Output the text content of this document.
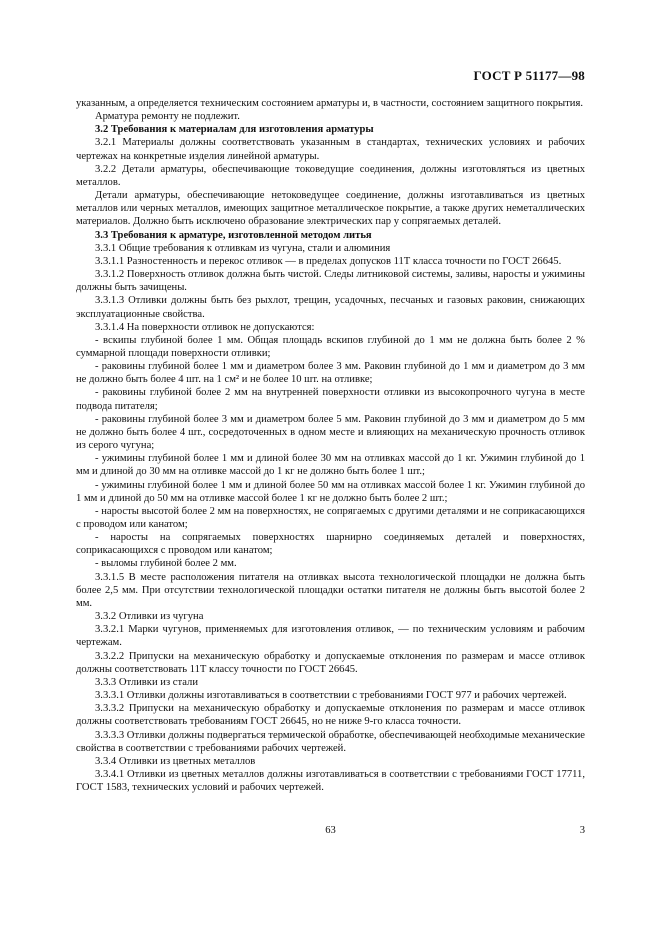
ГОСТ Р 51177—98

указанным, а определяется техническим состоянием арматуры и, в частности, состоянием защитного покрытия.

Арматура ремонту не подлежит.

3.2 Требования к материалам для изготовления арматуры

3.2.1 Материалы должны соответствовать указанным в стандартах, технических условиях и рабочих чертежах на конкретные изделия линейной арматуры.

3.2.2 Детали арматуры, обеспечивающие токоведущие соединения, должны изготовляться из цветных металлов.

Детали арматуры, обеспечивающие нетоковедущее соединение, должны изготавливаться из цветных металлов или черных металлов, имеющих защитное металлическое покрытие, а также других неметаллических материалов. Должно быть исключено образование электрических пар у сопрягаемых деталей.

3.3 Требования к арматуре, изготовленной методом литья

3.3.1 Общие требования к отливкам из чугуна, стали и алюминия

3.3.1.1 Разностенность и перекос отливок — в пределах допусков 11Т класса точности по ГОСТ 26645.

3.3.1.2 Поверхность отливок должна быть чистой. Следы литниковой системы, заливы, наросты и ужимины должны быть зачищены.

3.3.1.3 Отливки должны быть без рыхлот, трещин, усадочных, песчаных и газовых раковин, снижающих эксплуатационные свойства.

3.3.1.4 На поверхности отливок не допускаются:

- вскипы глубиной более 1 мм. Общая площадь вскипов глубиной до 1 мм не должна быть более 2 % суммарной площади поверхности отливки;

- раковины глубиной более 1 мм и диаметром более 3 мм. Раковин глубиной до 1 мм и диаметром до 3 мм не должно быть более 4 шт. на 1 см² и не более 10 шт. на отливке;

- раковины глубиной более 2 мм на внутренней поверхности отливки из высокопрочного чугуна в месте подвода питателя;

- раковины глубиной более 3 мм и диаметром более 5 мм. Раковин глубиной до 3 мм и диаметром до 5 мм не должно быть более 4 шт., сосредоточенных в одном месте и влияющих на механическую прочность отливок из серого чугуна;

- ужимины глубиной более 1 мм и длиной более 30 мм на отливках массой до 1 кг. Ужимин глубиной до 1 мм и длиной до 30 мм на отливке массой до 1 кг не должно быть более 1 шт.;

- ужимины глубиной более 1 мм и длиной более 50 мм на отливках массой более 1 кг. Ужимин глубиной до 1 мм и длиной до 50 мм на отливке массой более 1 кг не должно быть более 2 шт.;

- наросты высотой более 2 мм на поверхностях, не сопрягаемых с другими деталями и не соприкасающихся с проводом или канатом;

- наросты на сопрягаемых поверхностях шарнирно соединяемых деталей и поверхностях, соприкасающихся с проводом или канатом;

- выломы глубиной более 2 мм.

3.3.1.5 В месте расположения питателя на отливках высота технологической площадки не должна быть более 2,5 мм. При отсутствии технологической площадки остатки питателя не должны быть высотой более 2 мм.

3.3.2 Отливки из чугуна

3.3.2.1 Марки чугунов, применяемых для изготовления отливок, — по техническим условиям и рабочим чертежам.

3.3.2.2 Припуски на механическую обработку и допускаемые отклонения по размерам и массе отливок должны соответствовать 11Т классу точности по ГОСТ 26645.

3.3.3 Отливки из стали

3.3.3.1 Отливки должны изготавливаться в соответствии с требованиями ГОСТ 977 и рабочих чертежей.

3.3.3.2 Припуски на механическую обработку и допускаемые отклонения по размерам и массе отливок должны соответствовать требованиям ГОСТ 26645, но не ниже 9-го класса точности.

3.3.3.3 Отливки должны подвергаться термической обработке, обеспечивающей необходимые механические свойства в соответствии с требованиями рабочих чертежей.

3.3.4 Отливки из цветных металлов

3.3.4.1 Отливки из цветных металлов должны изготавливаться в соответствии с требованиями ГОСТ 17711, ГОСТ 1583, технических условий и рабочих чертежей.

63	3
